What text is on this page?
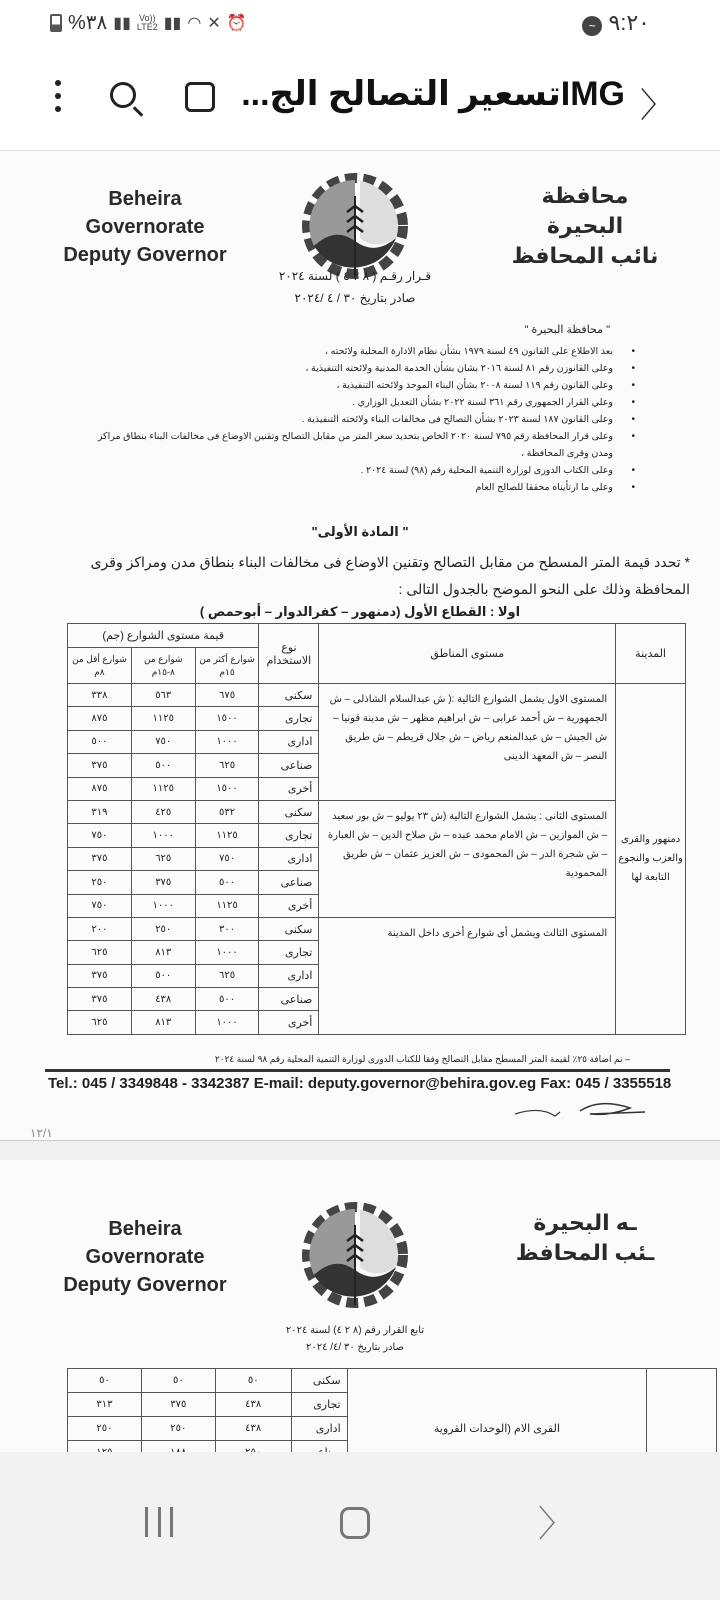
~ ٩:٢٠
%٣٨ ▮▮ Vo))
LTE2 ▮▮ ◠ ✕ ⏰
〉
IMGتسعير التصالح الج...
Beheira Governorate
Deputy Governor
محافظة البحيرة
نائب المحافظ
قـرار رقـم ( ٨ ٢ ٤ ) لسنة ٢٠٢٤
صادر بتاريخ ٣٠ / ٤ /٢٠٢٤
" محافظة البحيرة "
• بعد الاطلاع على القانون ٤٩ لسنة ١٩٧٩ بشأن نظام الادارة المحلية ولائحته ،
• وعلى القانوزن رقم ٨١ لسنة ٢٠١٦ بشان بشأن الخدمة المدنية ولائحته التنفيذية ،
• وعلى القانون رقم ١١٩ لسنة ٢٠٠٨ بشأن البناء الموحد ولائحته التنفيذية ،
• وعلي القرار الجمهوري رقم ٣٦١ لسنة ٢٠٢٢ بشأن التعديل الوزاري .
• وعلى القانون ١٨٧ لسنة ٢٠٢٣ بشأن التصالح فى مخالفات البناء ولائحته التنفيذية .
• وعلى قرار المحافظة رقم ٧٩٥ لسنة ٢٠٢٠ الخاص بتحديد سعر المتر من مقابل التصالح وتقنين الاوضاع فى مخالفات البناء بنطاق مراكز
ومدن وقرى المحافظة ،
• وعلى الكتاب الدورى لوزارة التنمية المحلية رقم (٩٨) لسنة ٢٠٢٤ .
• وعلى ما ارتأيناه محققا للصالح العام
" المادة الأولى"
* تحدد قيمة المتر المسطح من مقابل التصالح وتقنين الاوضاع فى مخالفات البناء بنطاق مدن ومراكز وقرى المحافظة وذلك على النحو الموضح بالجدول التالى :
اولا : القطاع الأول (دمنهور – كفرالدوار – أبوحمص )
المدينة	مستوى المناطق	نوع الاستخدام	قيمة مستوى الشوارع (جم)
شوارع أكثر من ١٥م	شوارع من ٨-١٥م	شوارع أقل من ٨م
دمنهور والقرى والعزب والنجوع التابعة لها	المستوى الاول يشمل الشوارع التالية :( ش عبدالسلام الشاذلى – ش الجمهورية – ش أحمد عرابى – ش ابراهيم مظهر – ش مدينة قونيا – ش الجيش – ش عبدالمنعم رياض – ش جلال قريطم – ش طريق النصر – ش المعهد الدينى	سكنى	٦٧٥	٥٦٣	٣٣٨
تجارى	١٥٠٠	١١٢٥	٨٧٥
ادارى	١٠٠٠	٧٥٠	٥٠٠
صناعى	٦٢٥	٥٠٠	٣٧٥
أخرى	١٥٠٠	١١٢٥	٨٧٥
المستوى الثانى : يشمل الشوارع التالية (ش ٢٣ يوليو – ش بور سعيد – ش الموازين – ش الامام محمد عبده – ش صلاح الدين – ش العبارة – ش شجرة الدر – ش المحمودى – ش العزيز عثمان – ش طريق المحمودية	سكنى	٥٣٢	٤٢٥	٣١٩
تجارى	١١٢٥	١٠٠٠	٧٥٠
ادارى	٧٥٠	٦٢٥	٣٧٥
صناعى	٥٠٠	٣٧٥	٢٥٠
أخرى	١١٢٥	١٠٠٠	٧٥٠
المستوى الثالث ويشمل أى شوارع أخرى داخل المدينة	سكنى	٣٠٠	٢٥٠	٢٠٠
تجارى	١٠٠٠	٨١٣	٦٢٥
ادارى	٦٢٥	٥٠٠	٣٧٥
صناعى	٥٠٠	٤٣٨	٣٧٥
أخرى	١٠٠٠	٨١٣	٦٢٥
– تم اضافة ٢٥٪ لقيمة المتر المسطح مقابل التصالح وفقا للكتاب الدورى لوزارة التنمية المحلية رقم ٩٨ لسنة ٢٠٢٤
Tel.: 045 / 3349848 - 3342387 E-mail: deputy.governor@behira.gov.eg Fax: 045 / 3355518
١٢/١
Beheira Governorate
Deputy Governor
ـه البحيرة
ـئب المحافظ
تابع القرار رقم (٨ ٢ ٤) لسنة ٢٠٢٤
صادر بتاريخ ٣٠ /٤/ ٢٠٢٤
	القرى الام (الوحدات القروية	سكنى	٥٠	٥٠	٥٠
تجارى	٤٣٨	٣٧٥	٣١٣
ادارى	٤٣٨	٢٥٠	٢٥٠

〉
